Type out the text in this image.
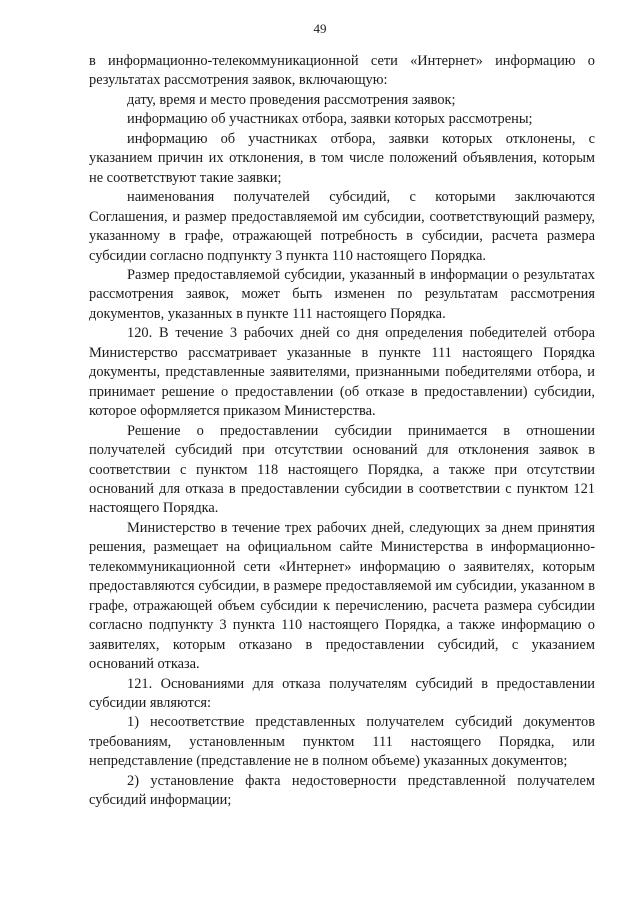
49

в информационно-телекоммуникационной сети «Интернет» информацию о результатах рассмотрения заявок, включающую:

дату, время и место проведения рассмотрения заявок;

информацию об участниках отбора, заявки которых рассмотрены;

информацию об участниках отбора, заявки которых отклонены, с указанием причин их отклонения, в том числе положений объявления, которым не соответствуют такие заявки;

наименования получателей субсидий, с которыми заключаются Соглашения, и размер предоставляемой им субсидии, соответствующий размеру, указанному в графе, отражающей потребность в субсидии, расчета размера субсидии согласно подпункту 3 пункта 110 настоящего Порядка.

Размер предоставляемой субсидии, указанный в информации о результатах рассмотрения заявок, может быть изменен по результатам рассмотрения документов, указанных в пункте 111 настоящего Порядка.

120. В течение 3 рабочих дней со дня определения победителей отбора Министерство рассматривает указанные в пункте 111 настоящего Порядка документы, представленные заявителями, признанными победителями отбора, и принимает решение о предоставлении (об отказе в предоставлении) субсидии, которое оформляется приказом Министерства.

Решение о предоставлении субсидии принимается в отношении получателей субсидий при отсутствии оснований для отклонения заявок в соответствии с пунктом 118 настоящего Порядка, а также при отсутствии оснований для отказа в предоставлении субсидии в соответствии с пунктом 121 настоящего Порядка.

Министерство в течение трех рабочих дней, следующих за днем принятия решения, размещает на официальном сайте Министерства в информационно-телекоммуникационной сети «Интернет» информацию о заявителях, которым предоставляются субсидии, в размере предоставляемой им субсидии, указанном в графе, отражающей объем субсидии к перечислению, расчета размера субсидии согласно подпункту 3 пункта 110 настоящего Порядка, а также информацию о заявителях, которым отказано в предоставлении субсидий, с указанием оснований отказа.

121. Основаниями для отказа получателям субсидий в предоставлении субсидии являются:

1) несоответствие представленных получателем субсидий документов требованиям, установленным пунктом 111 настоящего Порядка, или непредставление (представление не в полном объеме) указанных документов;

2) установление факта недостоверности представленной получателем субсидий информации;
